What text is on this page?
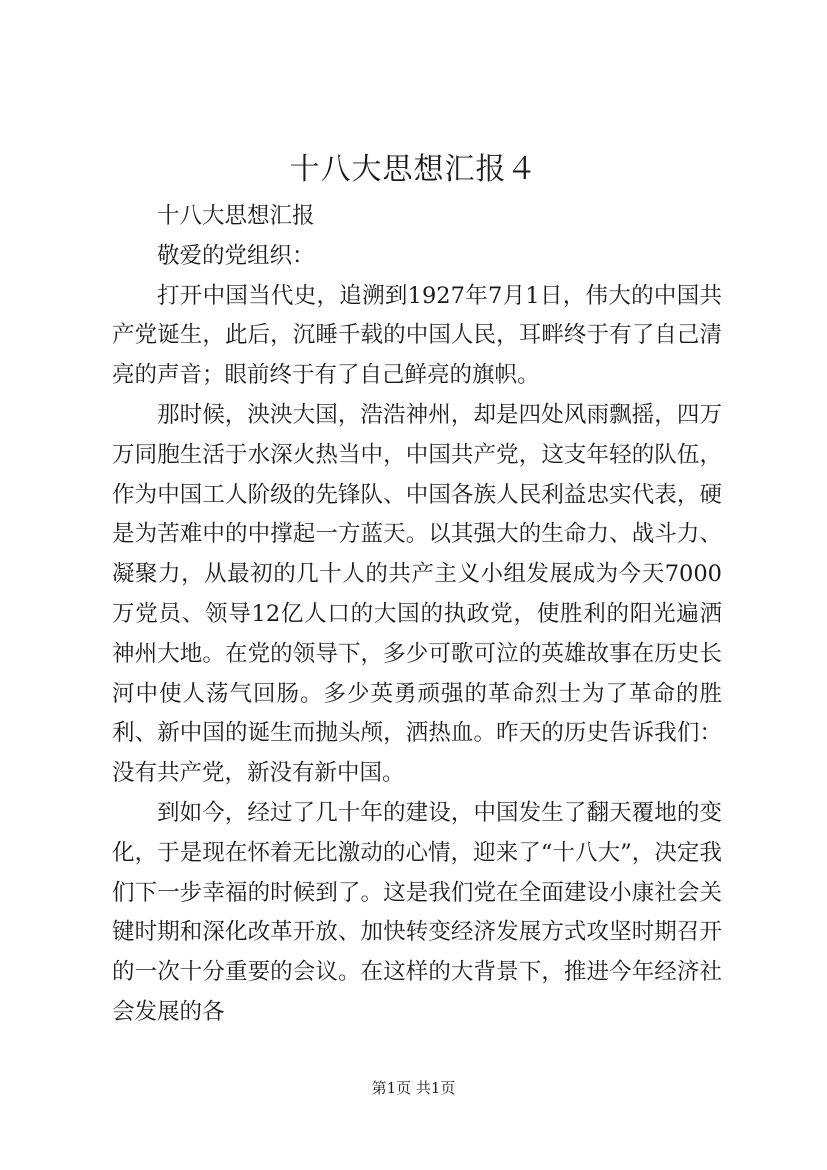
十八大思想汇报４

十八大思想汇报

敬爱的党组织：

打开中国当代史，追溯到1927年7月1日，伟大的中国共产党诞生，此后，沉睡千载的中国人民，耳畔终于有了自己清亮的声音；眼前终于有了自己鲜亮的旗帜。

那时候，泱泱大国，浩浩神州，却是四处风雨飘摇，四万万同胞生活于水深火热当中，中国共产党，这支年轻的队伍，作为中国工人阶级的先锋队、中国各族人民利益忠实代表，硬是为苦难中的中撑起一方蓝天。以其强大的生命力、战斗力、凝聚力，从最初的几十人的共产主义小组发展成为今天7000万党员、领导12亿人口的大国的执政党，使胜利的阳光遍洒神州大地。在党的领导下，多少可歌可泣的英雄故事在历史长河中使人荡气回肠。多少英勇顽强的革命烈士为了革命的胜利、新中国的诞生而抛头颅，洒热血。昨天的历史告诉我们：没有共产党，新没有新中国。

到如今，经过了几十年的建设，中国发生了翻天覆地的变化，于是现在怀着无比激动的心情，迎来了“十八大”，决定我们下一步幸福的时候到了。这是我们党在全面建设小康社会关键时期和深化改革开放、加快转变经济发展方式攻坚时期召开的一次十分重要的会议。在这样的大背景下，推进今年经济社会发展的各

第1页 共1页
